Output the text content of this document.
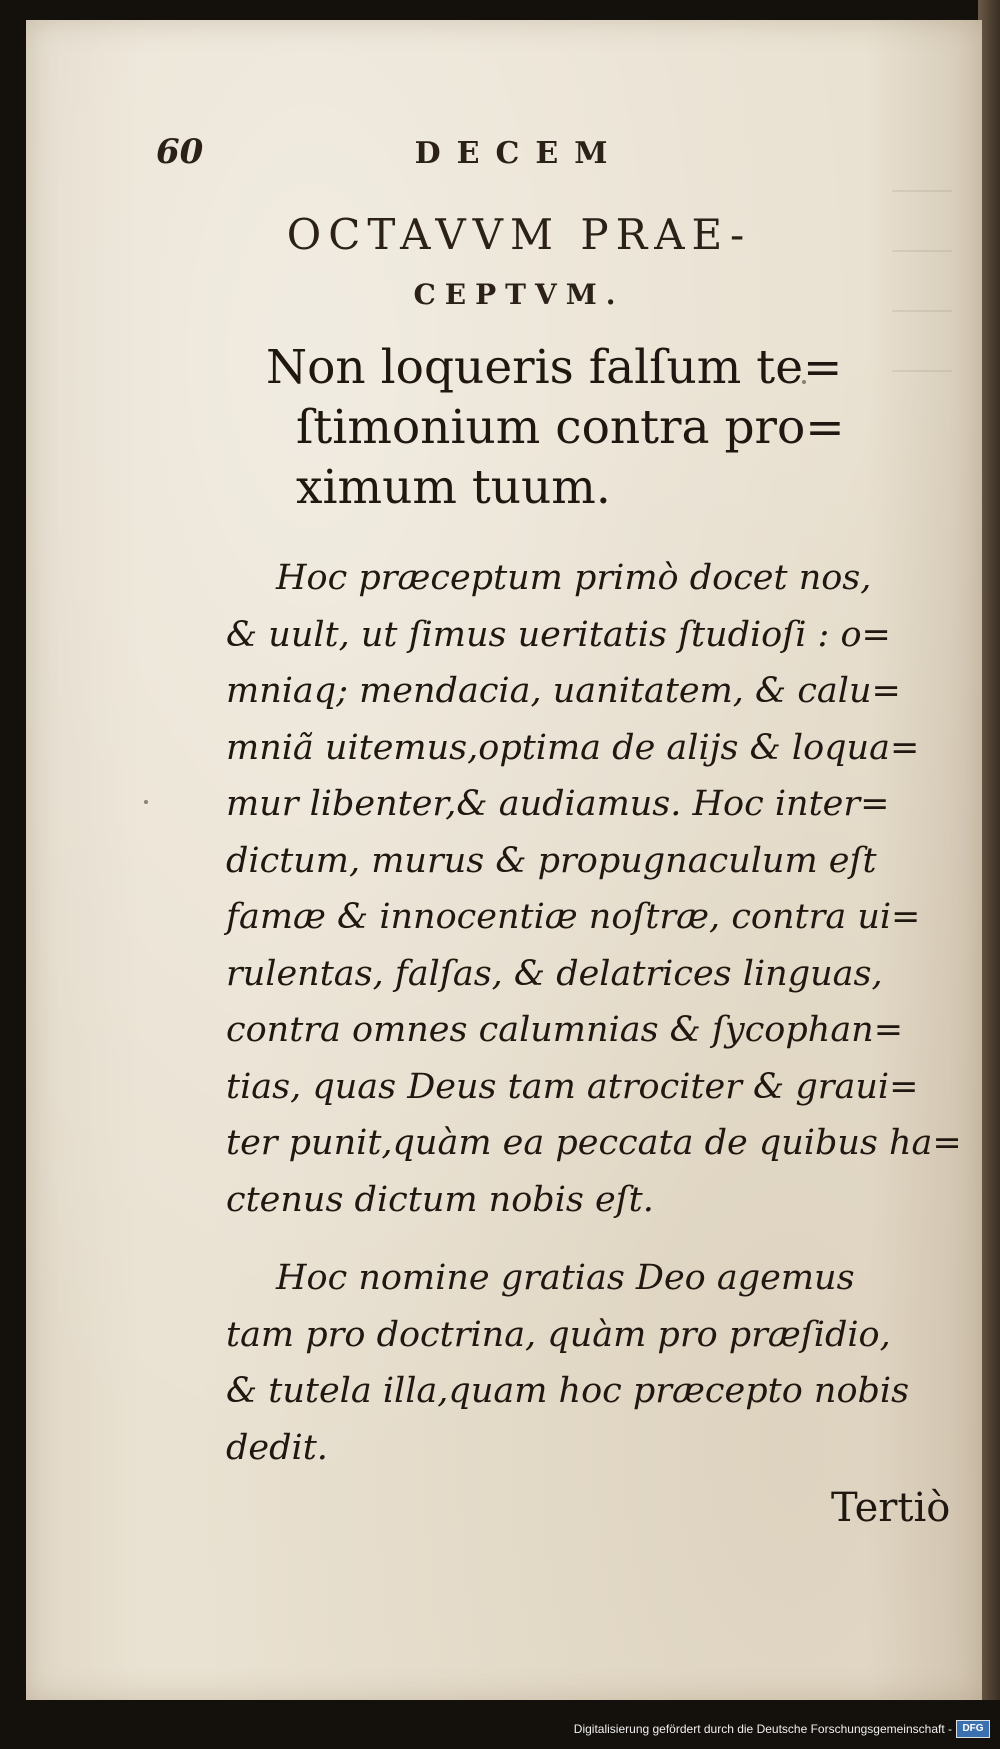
60	DECEM
OCTAVVM PRAE-
CEPTVM.
Non loqueris falſum te=
ſtimonium contra pro=
ximum tuum.
Hoc præceptum primò docet nos,
& uult, ut ſimus ueritatis ſtudioſi : o=
mniaq; mendacia, uanitatem, & calu=
mniã uitemus,optima de aliјs & loqua=
mur libenter,& audiamus. Hoc inter=
dictum, murus & propugnaculum eſt
famæ & innocentiæ noſtræ, contra ui=
rulentas, falſas, & delatrices linguas,
contra omnes calumnias & ſycophan=
tias, quas Deus tam atrociter & graui=
ter punit,quàm ea peccata de quibus ha=
ctenus dictum nobis eſt.
Hoc nomine gratias Deo agemus
tam pro doctrina, quàm pro præſidio,
& tutela illa,quam hoc præcepto nobis
dedit.
Tertiò
Digitalisierung gefördert durch die Deutsche Forschungsgemeinschaft -	DFG
